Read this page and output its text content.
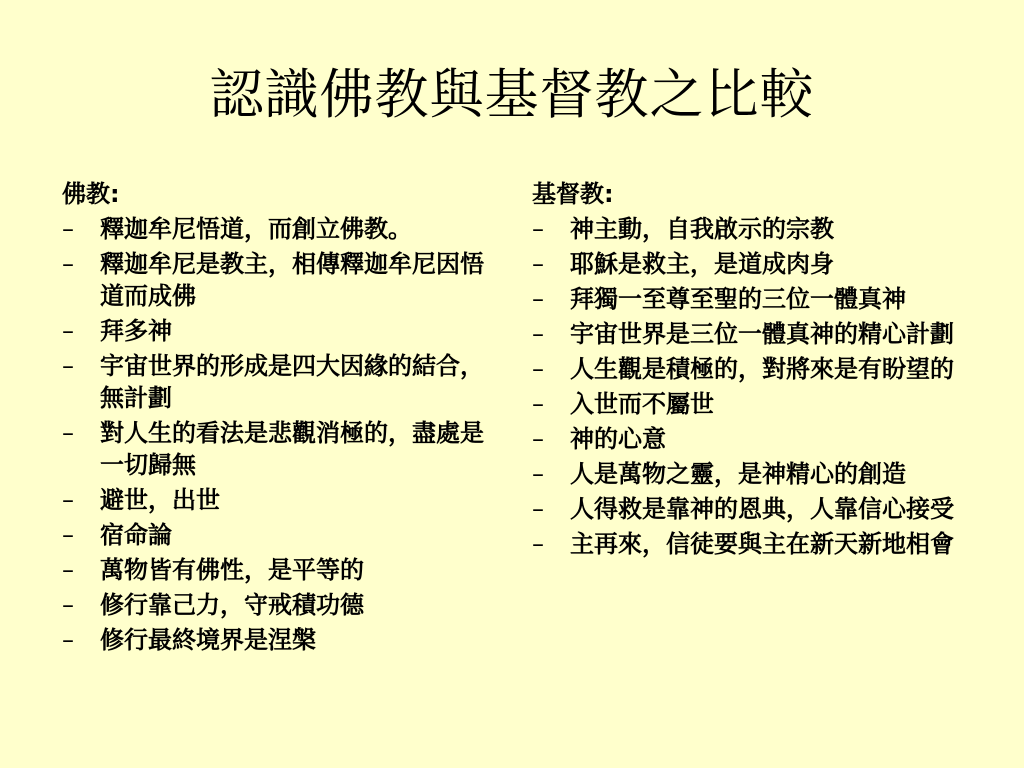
認識佛教與基督教之比較
佛教:
–	釋迦牟尼悟道，而創立佛教。
–	釋迦牟尼是教主，相傳釋迦牟尼因悟道而成佛
–	拜多神
–	宇宙世界的形成是四大因緣的結合，無計劃
–	對人生的看法是悲觀消極的，盡處是一切歸無
–	避世，出世
–	宿命論
–	萬物皆有佛性，是平等的
–	修行靠己力，守戒積功德
–	修行最終境界是涅槃
基督教:
–	神主動，自我啟示的宗教
–	耶穌是救主，是道成肉身
–	拜獨一至尊至聖的三位一體真神
–	宇宙世界是三位一體真神的精心計劃
–	人生觀是積極的，對將來是有盼望的
–	入世而不屬世
–	神的心意
–	人是萬物之靈，是神精心的創造
–	人得救是靠神的恩典，人靠信心接受
–	主再來，信徒要與主在新天新地相會
